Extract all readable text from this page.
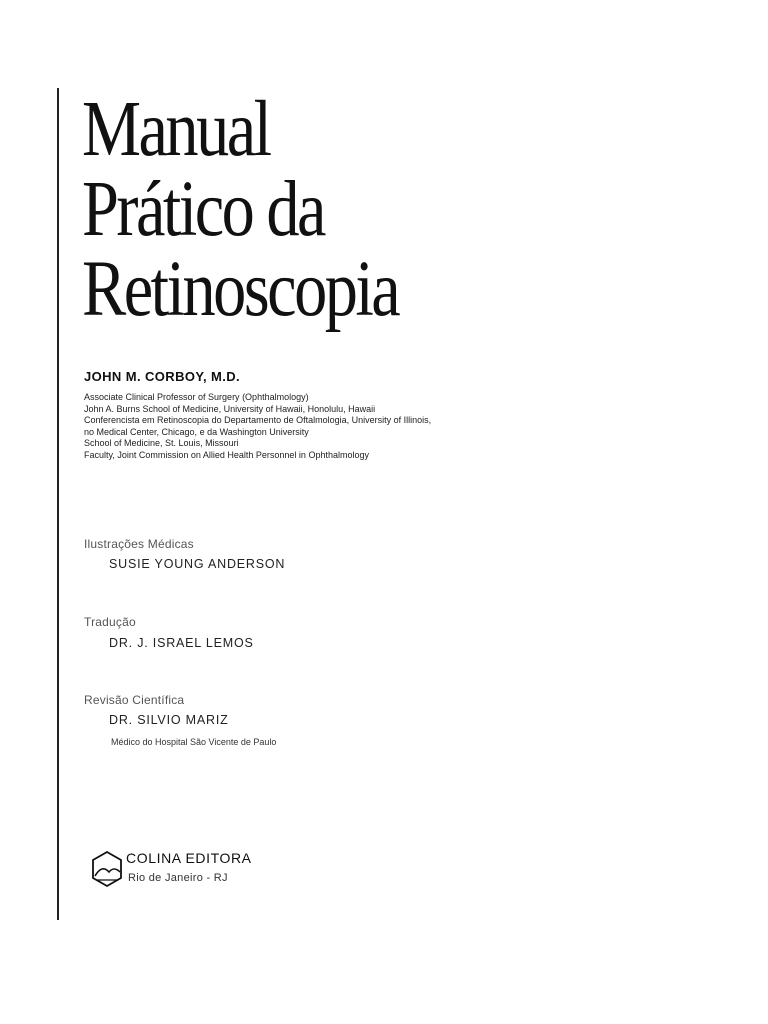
Manual
Prático da
Retinoscopia
JOHN M. CORBOY, M.D.
Associate Clinical Professor of Surgery (Ophthalmology)
John A. Burns School of Medicine, University of Hawaii, Honolulu, Hawaii
Conferencista em Retinoscopia do Departamento de Oftalmologia, University of Illinois,
no Medical Center, Chicago, e da Washington University
School of Medicine, St. Louis, Missouri
Faculty, Joint Commission on Allied Health Personnel in Ophthalmology
Ilustrações Médicas
SUSIE YOUNG ANDERSON
Tradução
DR. J. ISRAEL LEMOS
Revisão Científica
DR. SILVIO MARIZ
Médico do Hospital São Vicente de Paulo
COLINA EDITORA
Rio de Janeiro - RJ
